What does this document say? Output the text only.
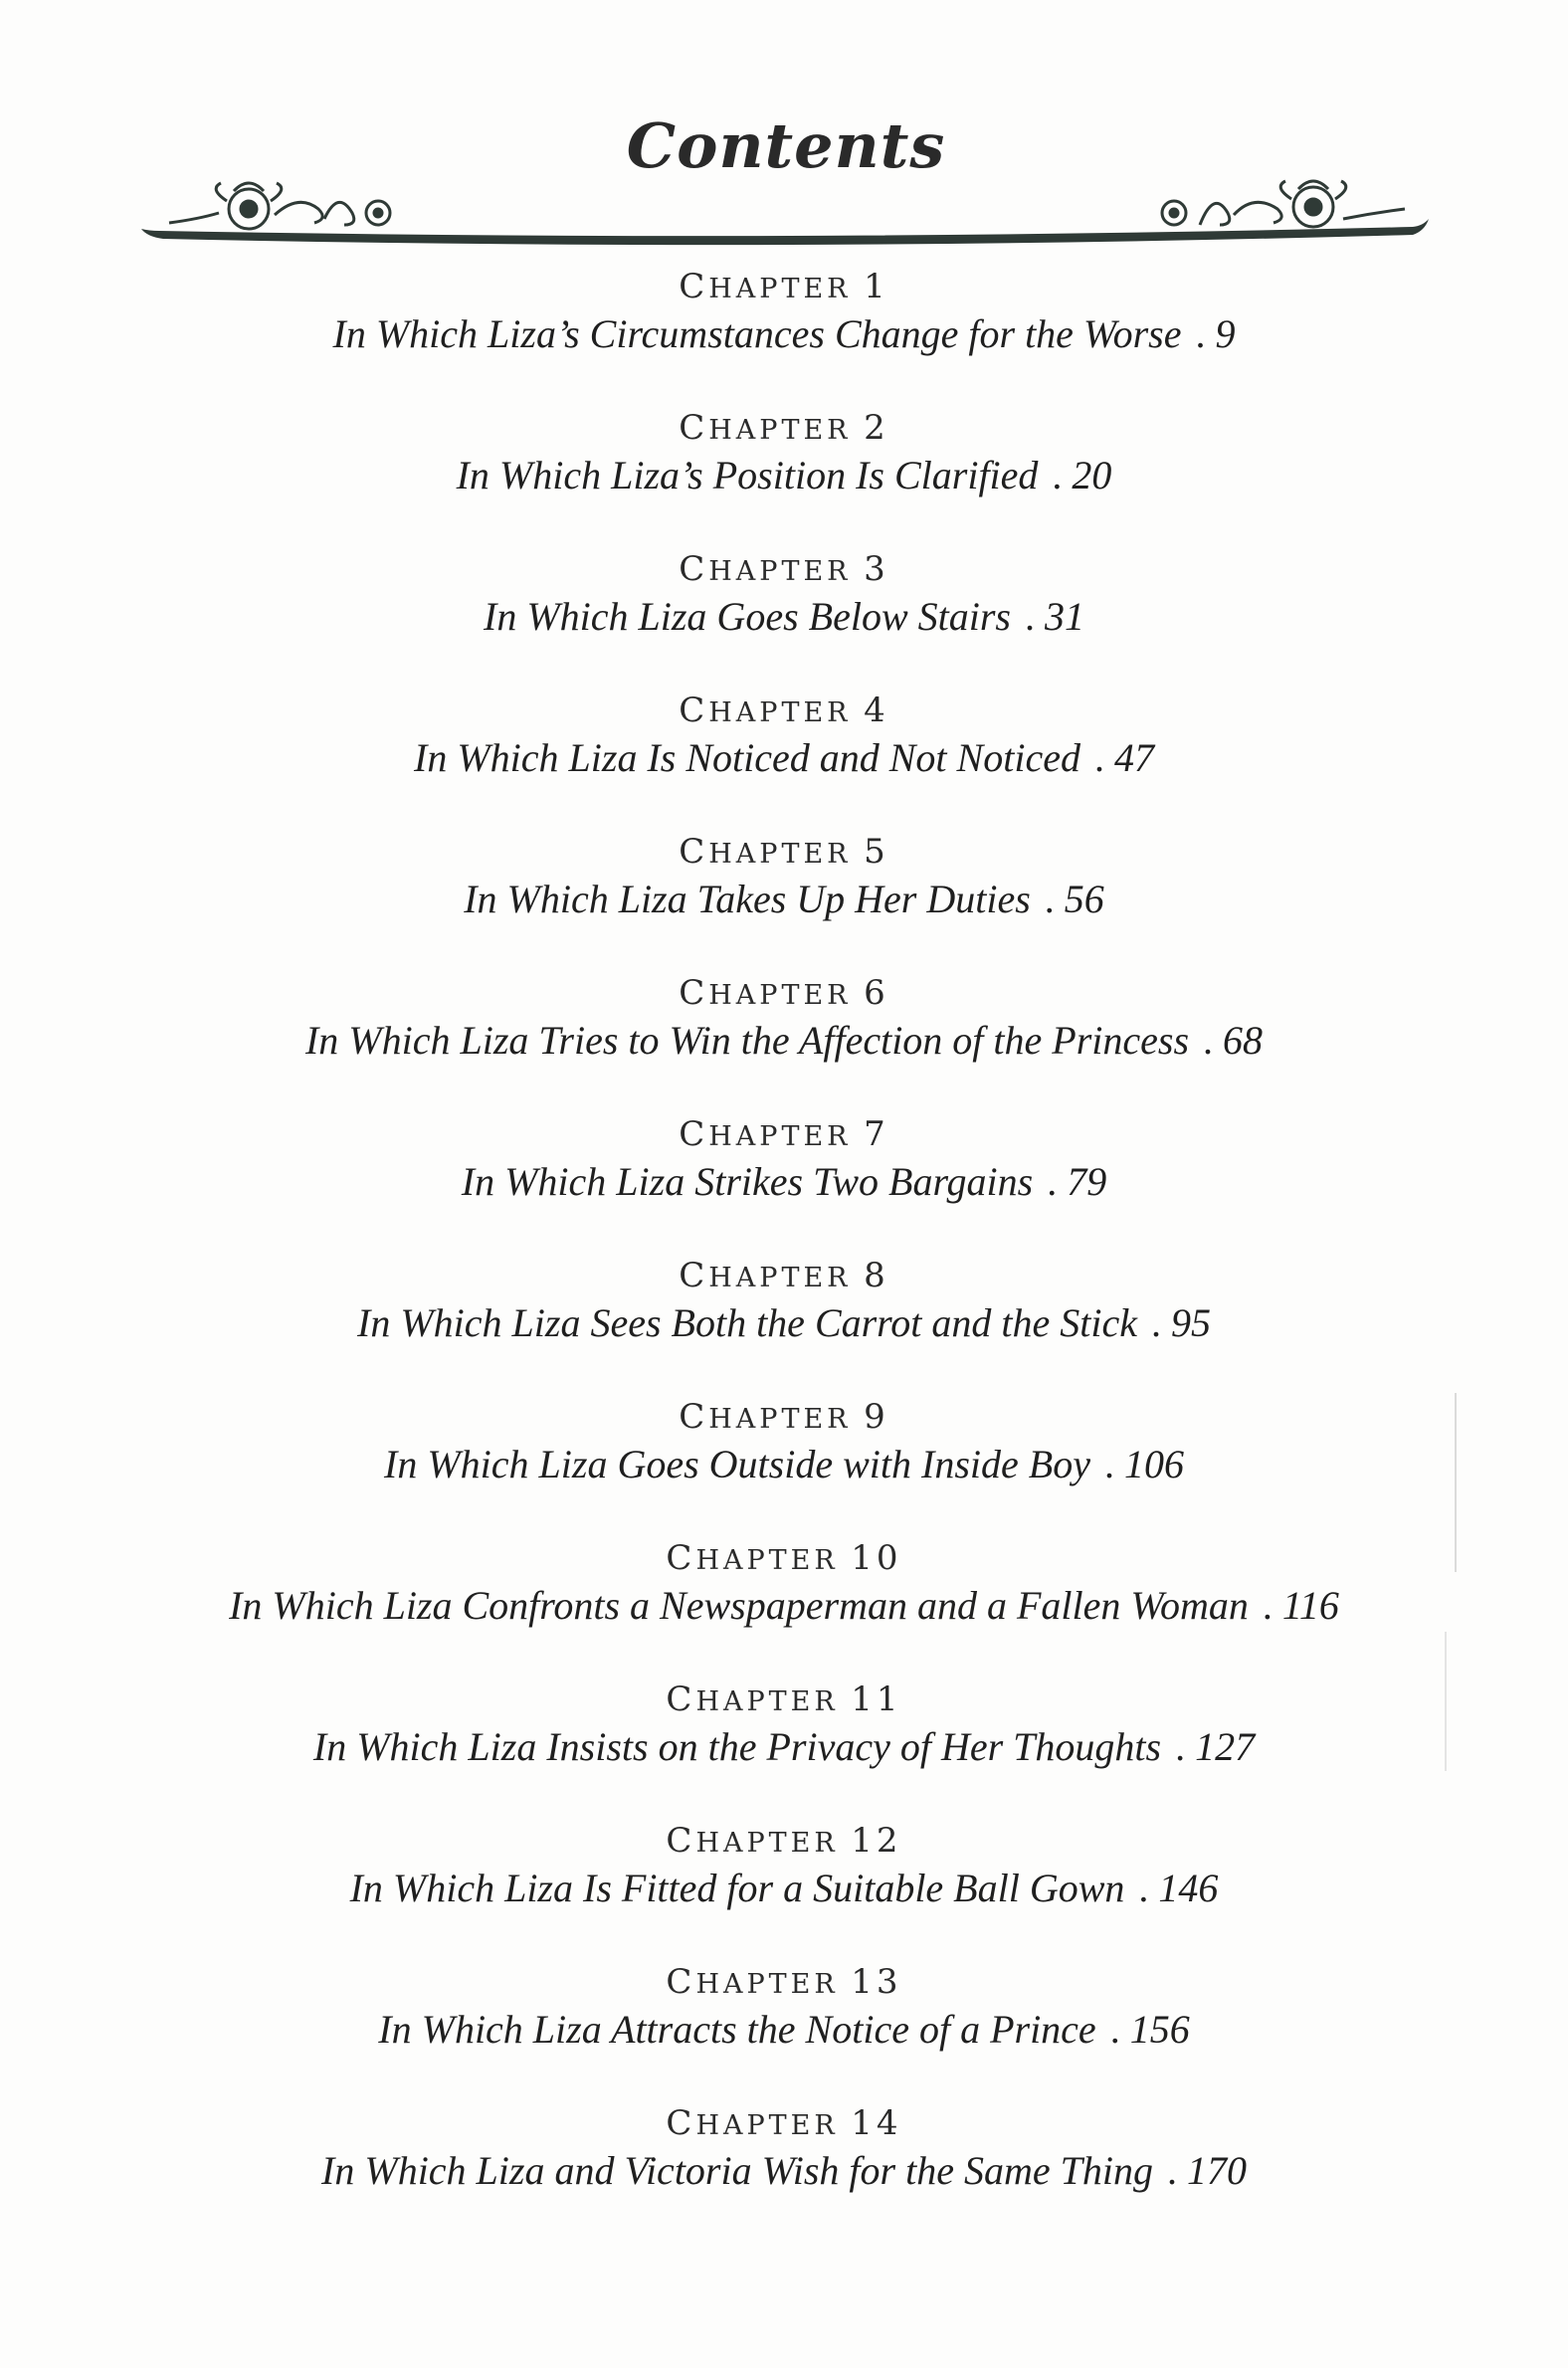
Contents
CHAPTER 1
In Which Liza’s Circumstances Change for the Worse . 9
CHAPTER 2
In Which Liza’s Position Is Clarified . 20
CHAPTER 3
In Which Liza Goes Below Stairs . 31
CHAPTER 4
In Which Liza Is Noticed and Not Noticed . 47
CHAPTER 5
In Which Liza Takes Up Her Duties . 56
CHAPTER 6
In Which Liza Tries to Win the Affection of the Princess . 68
CHAPTER 7
In Which Liza Strikes Two Bargains . 79
CHAPTER 8
In Which Liza Sees Both the Carrot and the Stick . 95
CHAPTER 9
In Which Liza Goes Outside with Inside Boy . 106
CHAPTER 10
In Which Liza Confronts a Newspaperman and a Fallen Woman . 116
CHAPTER 11
In Which Liza Insists on the Privacy of Her Thoughts . 127
CHAPTER 12
In Which Liza Is Fitted for a Suitable Ball Gown . 146
CHAPTER 13
In Which Liza Attracts the Notice of a Prince . 156
CHAPTER 14
In Which Liza and Victoria Wish for the Same Thing . 170
